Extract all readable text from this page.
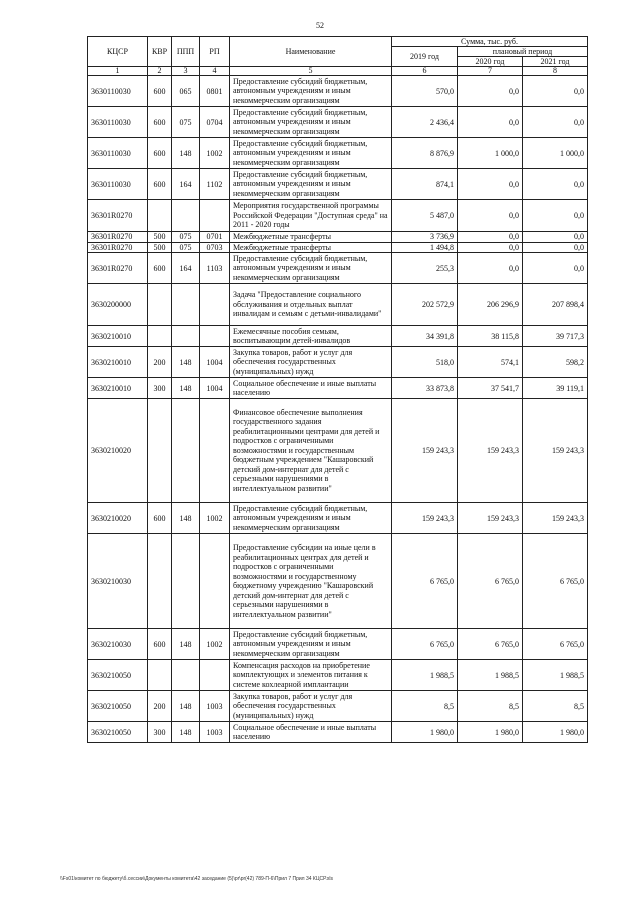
52
КЦСР	КВР	ППП	РП	Наименование	Сумма, тыс. руб.		
					2019 год	плановый период	
						2020 год	2021 год
1	2	3	4	5	6	7	8
3630110030	600	065	0801	Предоставление субсидий бюджетным, автономным учреждениям и иным некоммерческим организациям	570,0	0,0	0,0
3630110030	600	075	0704	Предоставление субсидий бюджетным, автономным учреждениям и иным некоммерческим организациям	2 436,4	0,0	0,0
3630110030	600	148	1002	Предоставление субсидий бюджетным, автономным учреждениям и иным некоммерческим организациям	8 876,9	1 000,0	1 000,0
3630110030	600	164	1102	Предоставление субсидий бюджетным, автономным учреждениям и иным некоммерческим организациям	874,1	0,0	0,0
36301R0270				Мероприятия государственной программы Российской Федерации "Доступная среда" на 2011 - 2020 годы	5 487,0	0,0	0,0
36301R0270	500	075	0701	Межбюджетные трансферты	3 736,9	0,0	0,0
36301R0270	500	075	0703	Межбюджетные трансферты	1 494,8	0,0	0,0
36301R0270	600	164	1103	Предоставление субсидий бюджетным, автономным учреждениям и иным некоммерческим организациям	255,3	0,0	0,0
3630200000				Задача "Предоставление социального обслуживания и отдельных выплат инвалидам и семьям с детьми-инвалидами"	202 572,9	206 296,9	207 898,4
3630210010				Ежемесячные пособия семьям, воспитывающим детей-инвалидов	34 391,8	38 115,8	39 717,3
3630210010	200	148	1004	Закупка товаров, работ и услуг для обеспечения государственных (муниципальных) нужд	518,0	574,1	598,2
3630210010	300	148	1004	Социальное обеспечение и иные выплаты населению	33 873,8	37 541,7	39 119,1
3630210020				Финансовое обеспечение выполнения государственного задания реабилитационными центрами для детей и подростков с ограниченными возможностями и государственным бюджетным учреждением "Кашаровский детский дом-интернат для детей с серьезными нарушениями в интеллектуальном развитии"	159 243,3	159 243,3	159 243,3
3630210020	600	148	1002	Предоставление субсидий бюджетным, автономным учреждениям и иным некоммерческим организациям	159 243,3	159 243,3	159 243,3
3630210030				Предоставление субсидии на иные цели в реабилитационных центрах для детей и подростков с ограниченными возможностями и государственному бюджетному учреждению "Кашаровский детский дом-интернат для детей с серьезными нарушениями в интеллектуальном развитии"	6 765,0	6 765,0	6 765,0
3630210030	600	148	1002	Предоставление субсидий бюджетным, автономным учреждениям и иным некоммерческим организациям	6 765,0	6 765,0	6 765,0
3630210050				Компенсация расходов на приобретение комплектующих и элементов питания к системе кохлеарной имплантации	1 988,5	1 988,5	1 988,5
3630210050	200	148	1003	Закупка товаров, работ и услуг для обеспечения государственных (муниципальных) нужд	8,5	8,5	8,5
3630210050	300	148	1003	Социальное обеспечение и иные выплаты населению	1 980,0	1 980,0	1 980,0
\\Fs01\комитет по бюджету\б.сессии\Документы комитета\42 заседание (5)\pr\pr(42) 789-П-6\Прил 7 Прил 34 КЦСР.xls
